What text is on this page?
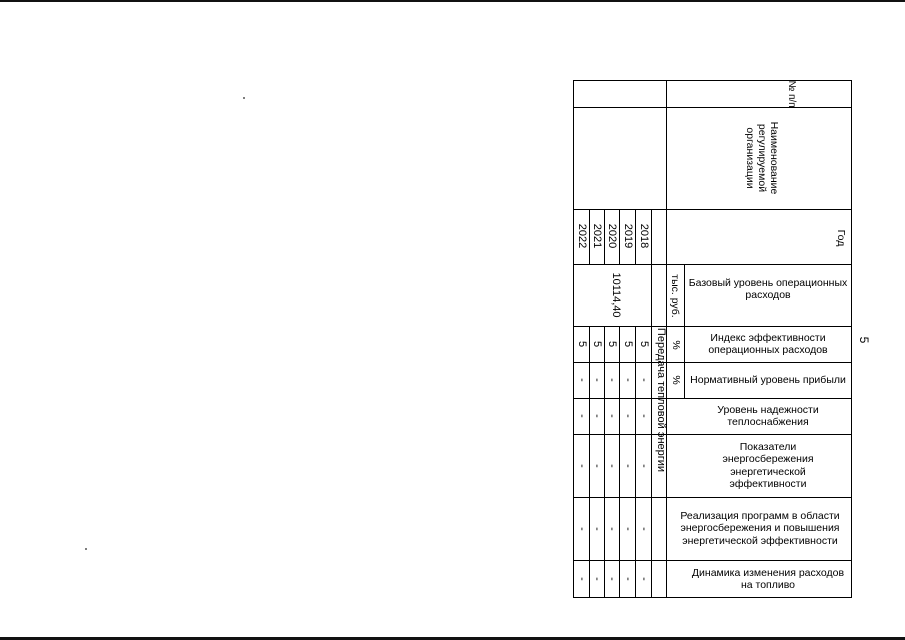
5
№ п/п
Наименование регулируемой организации
Год
Базовый уровень операционных расходов
Индекс эффективности операционных расходов
Нормативный уровень прибыли
Уровень надежности теплоснабжения
Показатели энергосбережения энергетической эффективности
Реализация программ в области энергосбережения и повышения энергетической эффективности
Динамика изменения расходов на топливо
тыс. руб.
%
%
Передача тепловой энергии
10114,40
2018
5
-
-
-
-
-
2019
5
-
-
-
-
-
2020
5
-
-
-
-
-
2021
5
-
-
-
-
-
2022
5
-
-
-
-
-
